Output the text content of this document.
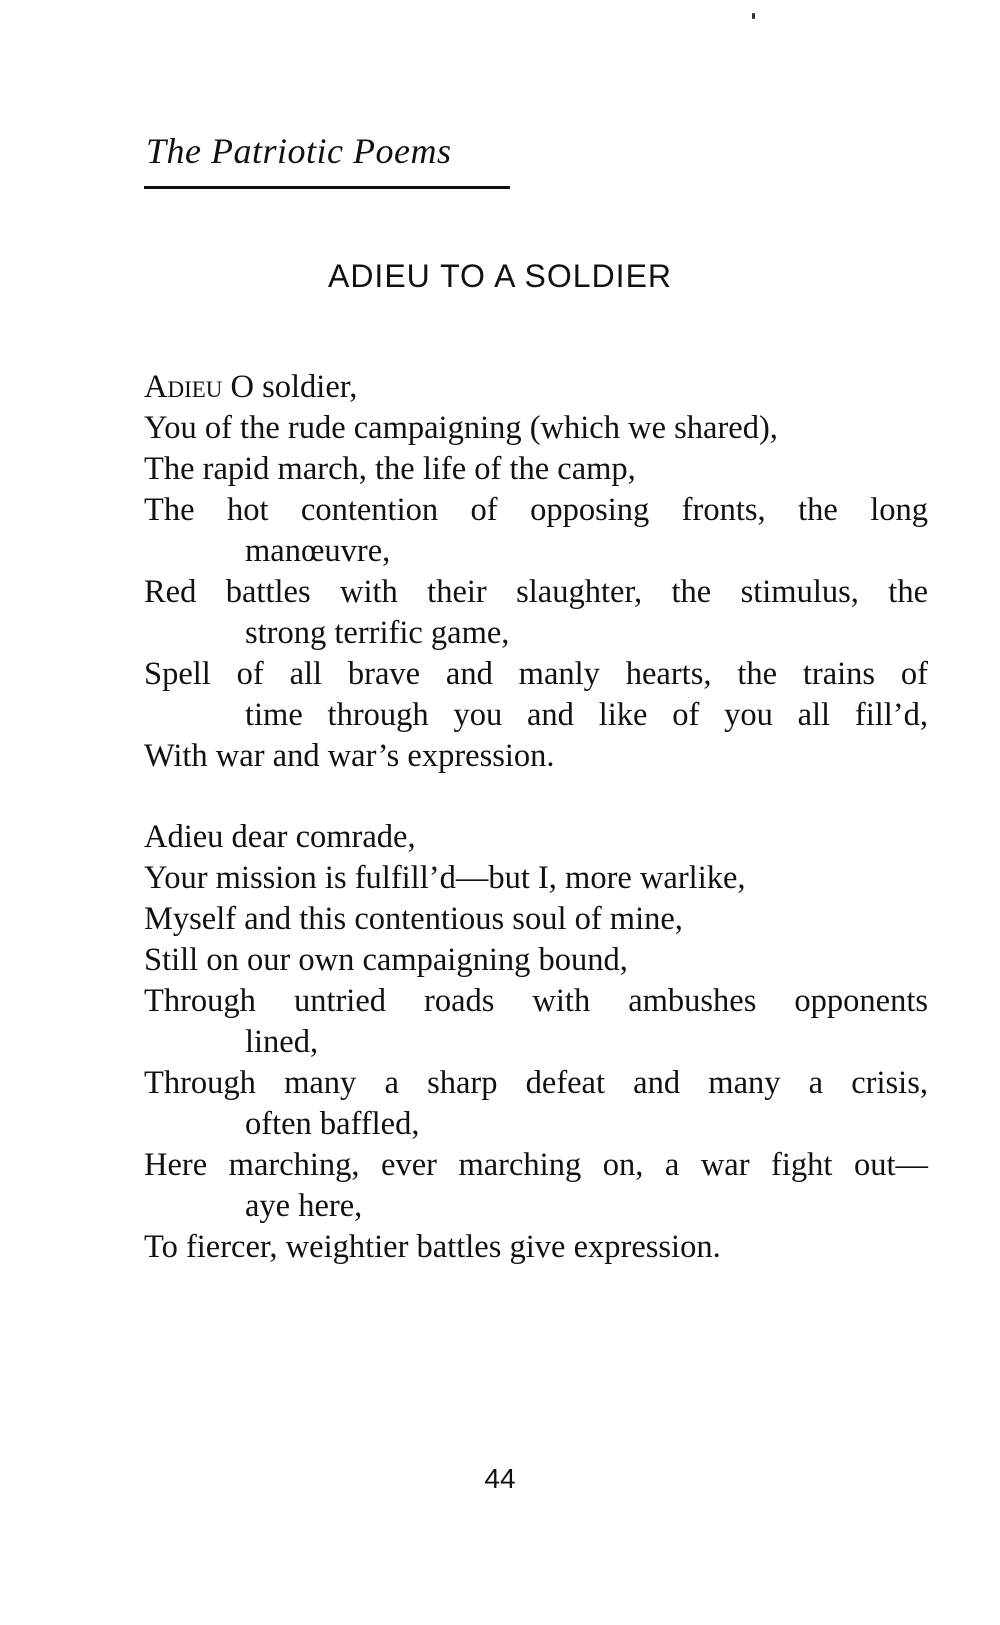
The Patriotic Poems
ADIEU TO A SOLDIER
Adieu O soldier,
You of the rude campaigning (which we shared),
The rapid march, the life of the camp,
The hot contention of opposing fronts, the long
manœuvre,
Red battles with their slaughter, the stimulus, the
strong terrific game,
Spell of all brave and manly hearts, the trains of
time through you and like of you all fill’d,
With war and war’s expression.
Adieu dear comrade,
Your mission is fulfill’d—but I, more warlike,
Myself and this contentious soul of mine,
Still on our own campaigning bound,
Through untried roads with ambushes opponents
lined,
Through many a sharp defeat and many a crisis,
often baffled,
Here marching, ever marching on, a war fight out—
aye here,
To fiercer, weightier battles give expression.
44
